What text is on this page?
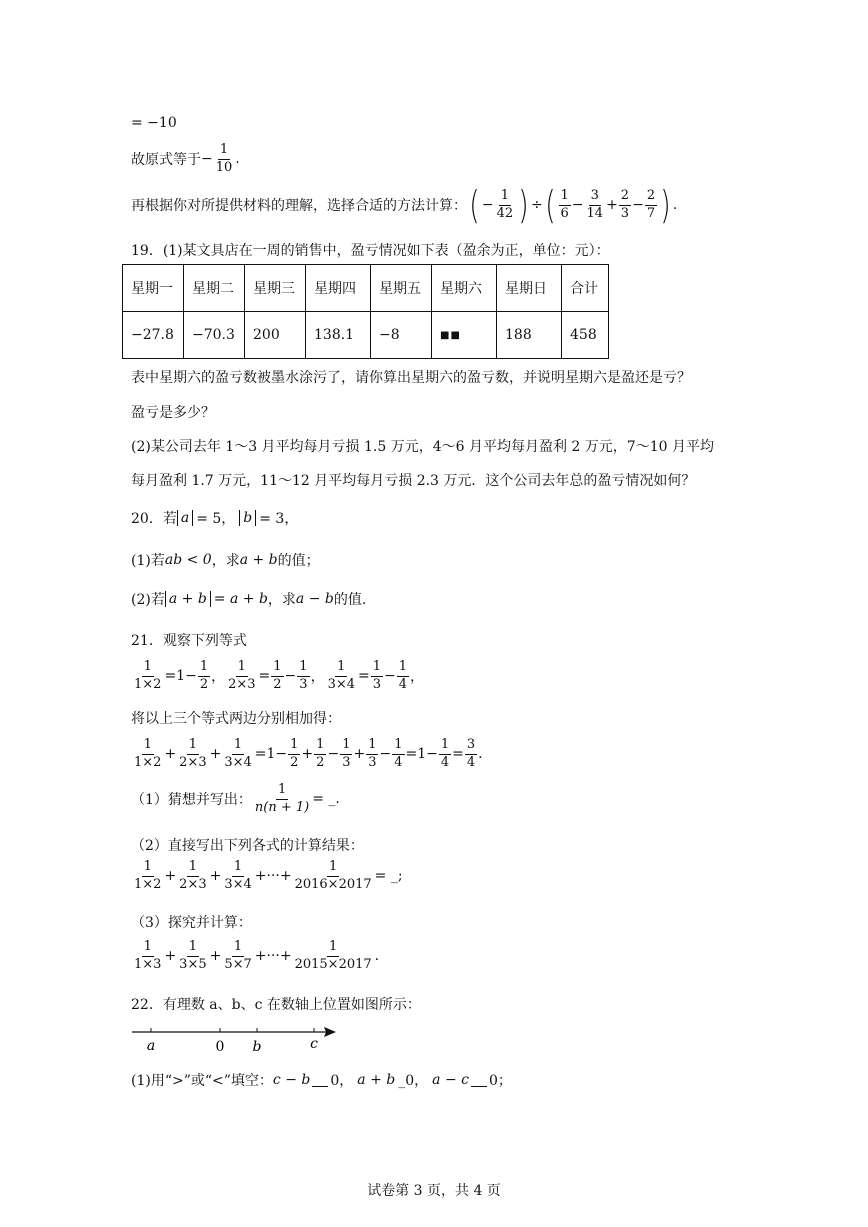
= −10
故原式等于 − $\frac{1}{10}$ .
再根据你对所提供材料的理解，选择合适的方法计算： ( − $\frac{1}{42}$ ) ÷ ( $\frac{1}{6} - \frac{3}{14} + \frac{2}{3} - \frac{2}{7}$ ) .
19．(1)某文具店在一周的销售中，盈亏情况如下表（盈余为正，单位：元）：
星期一	星期二	星期三	星期四	星期五	星期六	星期日	合计
−27.8	−70.3	200	138.1	−8	■■	188	458
表中星期六的盈亏数被墨水涂污了，请你算出星期六的盈亏数，并说明星期六是盈还是亏？
盈亏是多少？
(2)某公司去年 1～3 月平均每月亏损 1.5 万元，4～6 月平均每月盈利 2 万元，7～10 月平均
每月盈利 1.7 万元，11～12 月平均每月亏损 2.3 万元．这个公司去年总的盈亏情况如何？
20．若 a = 5， b = 3，
(1)若 ab < 0 ，求 a + b 的值；
(2)若 a + b = a + b ，求 a − b 的值.
21．观察下列等式
$\frac{1}{1\times 2} =1- \frac{1}{2}$ ， $\frac{1}{2\times 3} = \frac{1}{2} - \frac{1}{3}$ ， $\frac{1}{3\times 4} = \frac{1}{3} - \frac{1}{4}$ ，
将以上三个等式两边分别相加得：
$\frac{1}{1\times 2} + \frac{1}{2\times 3} + \frac{1}{3\times 4} =1- \frac{1}{2} + \frac{1}{2} - \frac{1}{3} + \frac{1}{3} - \frac{1}{4} =1- \frac{1}{4} = \frac{3}{4}$ .
（1）猜想并写出： $\frac{1}{n(n + 1)}$ = _.
（2）直接写出下列各式的计算结果：
$\frac{1}{1\times 2} + \frac{1}{2\times 3} + \frac{1}{3\times 4}$ +···+ $\frac{1}{2016\times 2017}$ = _;
（3）探究并计算：
$\frac{1}{1\times 3} + \frac{1}{3\times 5} + \frac{1}{5\times 7}$ +···+ $\frac{1}{2015\times 2017}$ .
22．有理数 a、b、c 在数轴上位置如图所示：
a	0 b	c
(1)用“>”或“<”填空： c − b 0， a + b _0， a − c 0；
试卷第 3 页，共 4 页
